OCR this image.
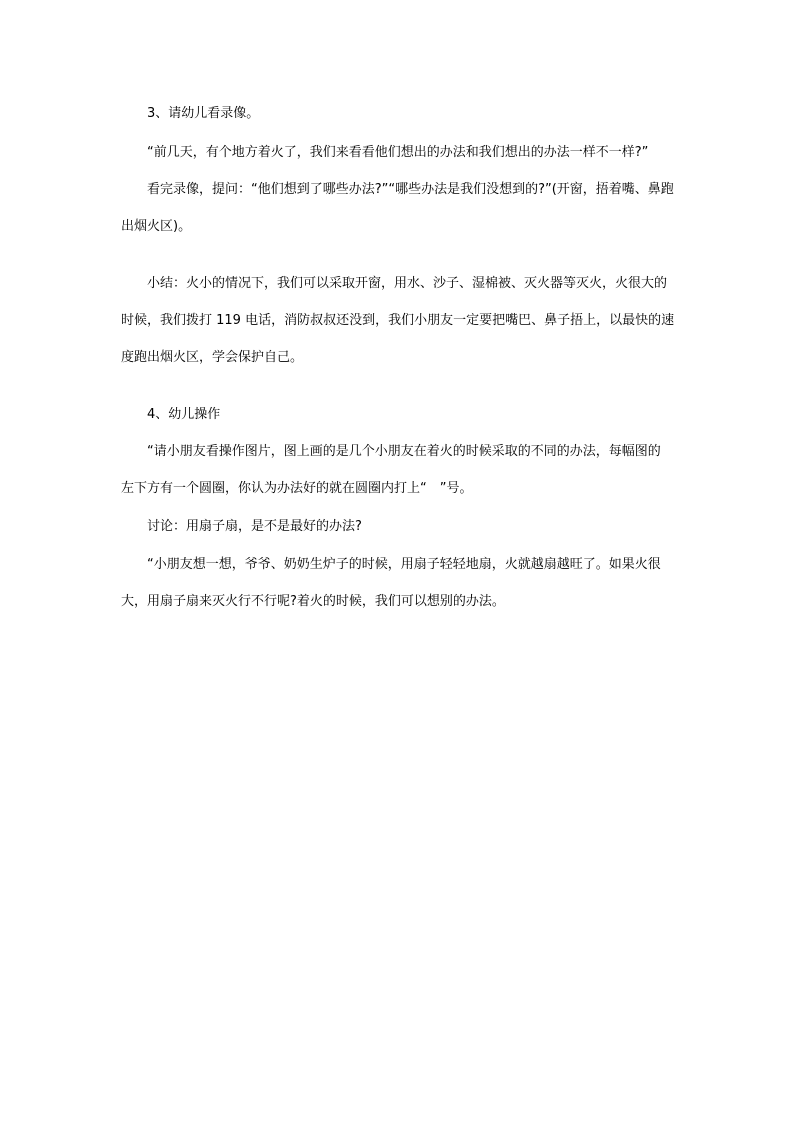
3、请幼儿看录像。
“前几天，有个地方着火了，我们来看看他们想出的办法和我们想出的办法一样不一样?”
看完录像，提问：“他们想到了哪些办法?”“哪些办法是我们没想到的?”(开窗，捂着嘴、鼻跑
出烟火区)。
小结：火小的情况下，我们可以采取开窗，用水、沙子、湿棉被、灭火器等灭火，火很大的
时候，我们拨打 119 电话，消防叔叔还没到，我们小朋友一定要把嘴巴、鼻子捂上，以最快的速
度跑出烟火区，学会保护自己。
4、幼儿操作
“请小朋友看操作图片，图上画的是几个小朋友在着火的时候采取的不同的办法，每幅图的
左下方有一个圆圈，你认为办法好的就在圆圈内打上“　”号。
讨论：用扇子扇，是不是最好的办法?
“小朋友想一想，爷爷、奶奶生炉子的时候，用扇子轻轻地扇，火就越扇越旺了。如果火很
大，用扇子扇来灭火行不行呢?着火的时候，我们可以想别的办法。
